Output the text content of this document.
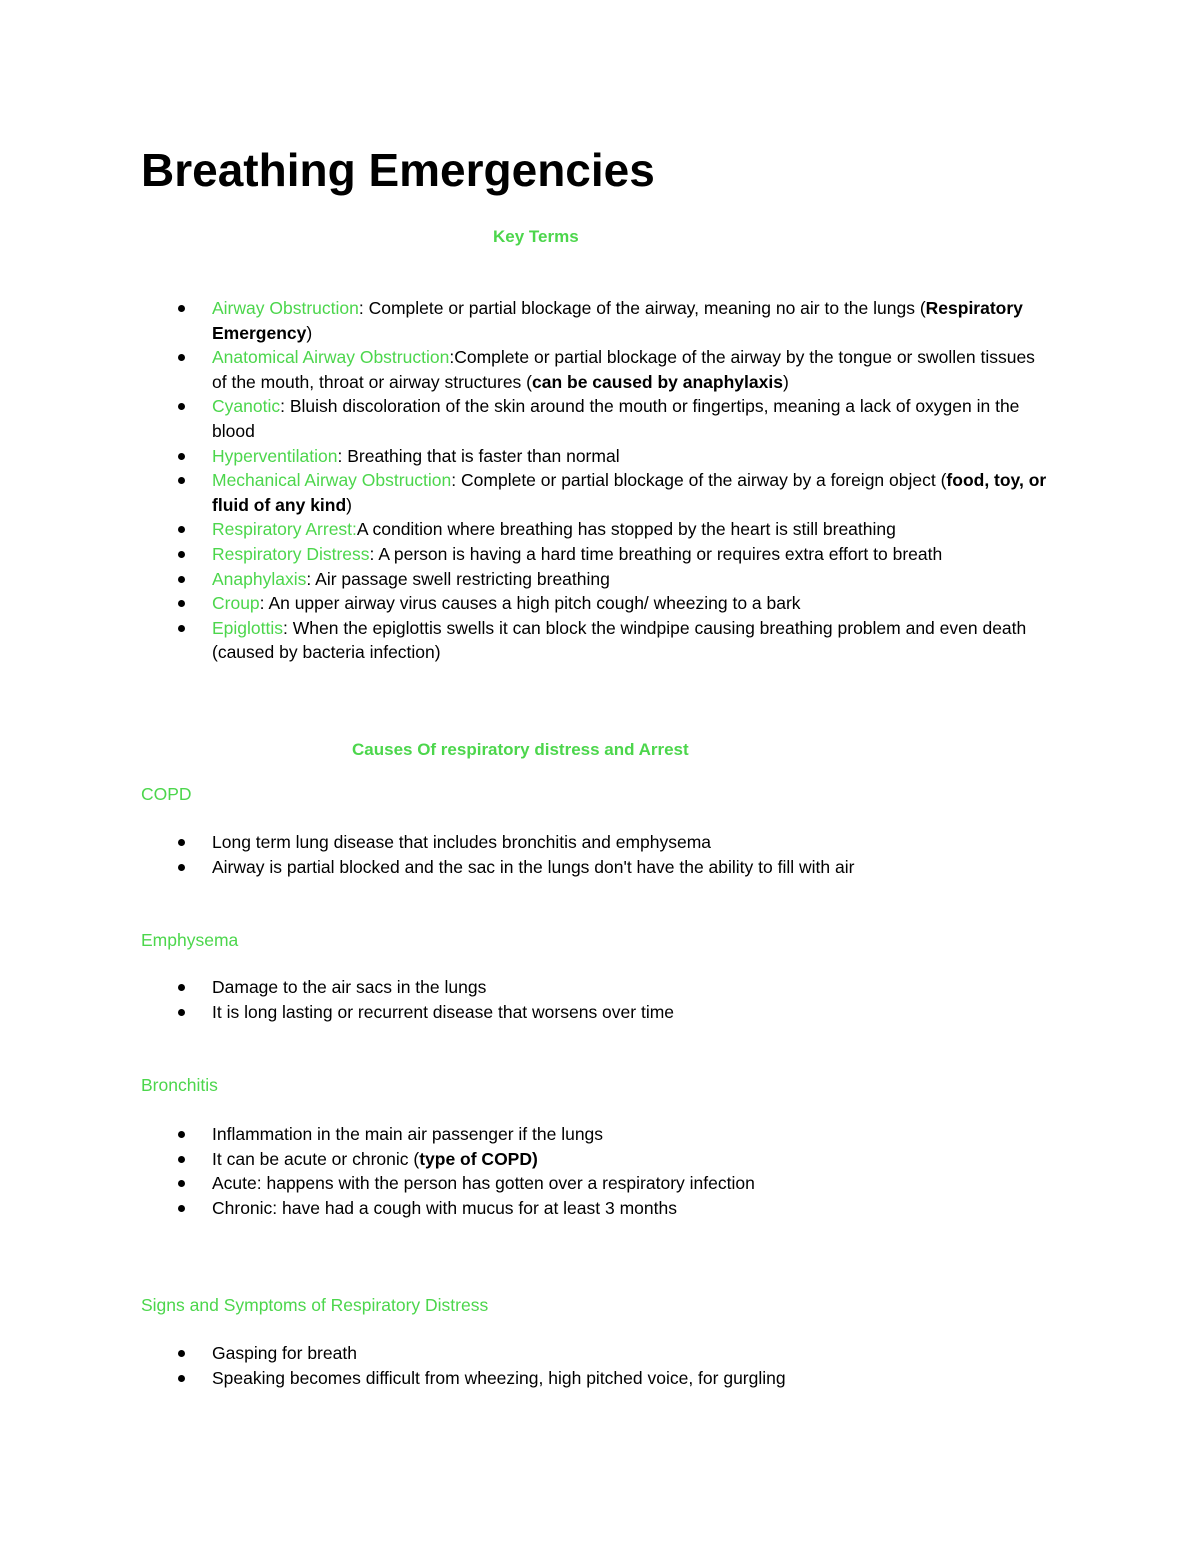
Breathing Emergencies

Key Terms

Airway Obstruction: Complete or partial blockage of the airway, meaning no air to the lungs (Respiratory Emergency)
Anatomical Airway Obstruction:Complete or partial blockage of the airway by the tongue or swollen tissues of the mouth, throat or airway structures (can be caused by anaphylaxis)
Cyanotic: Bluish discoloration of the skin around the mouth or fingertips, meaning a lack of oxygen in the blood
Hyperventilation: Breathing that is faster than normal
Mechanical Airway Obstruction: Complete or partial blockage of the airway by a foreign object (food, toy, or fluid of any kind)
Respiratory Arrest:A condition where breathing has stopped by the heart is still breathing
Respiratory Distress: A person is having a hard time breathing or requires extra effort to breath
Anaphylaxis: Air passage swell restricting breathing
Croup: An upper airway virus causes a high pitch cough/ wheezing to a bark
Epiglottis: When the epiglottis swells it can block the windpipe causing breathing problem and even death (caused by bacteria infection)

Causes Of respiratory distress and Arrest

COPD

Long term lung disease that includes bronchitis and emphysema
Airway is partial blocked and the sac in the lungs don't have the ability to fill with air

Emphysema

Damage to the air sacs in the lungs
It is long lasting or recurrent disease that worsens over time

Bronchitis

Inflammation in the main air passenger if the lungs
It can be acute or chronic (type of COPD)
Acute: happens with the person has gotten over a respiratory infection
Chronic: have had a cough with mucus for at least 3 months

Signs and Symptoms of Respiratory Distress

Gasping for breath
Speaking becomes difficult from wheezing, high pitched voice, for gurgling
